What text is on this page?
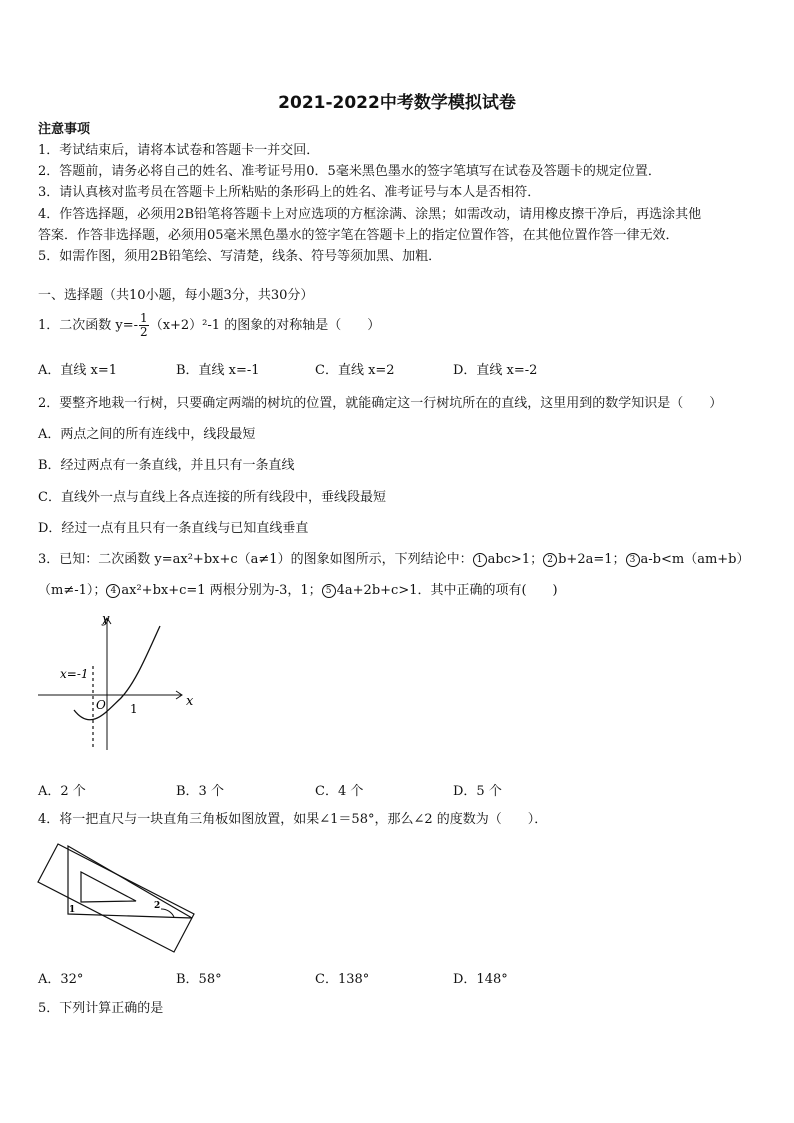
2021-2022中考数学模拟试卷
注意事项
1．考试结束后，请将本试卷和答题卡一并交回．
2．答题前，请务必将自己的姓名、准考证号用0．5毫米黑色墨水的签字笔填写在试卷及答题卡的规定位置．
3．请认真核对监考员在答题卡上所粘贴的条形码上的姓名、准考证号与本人是否相符．
4．作答选择题，必须用2B铅笔将答题卡上对应选项的方框涂满、涂黑；如需改动，请用橡皮擦干净后，再选涂其他
答案．作答非选择题，必须用05毫米黑色墨水的签字笔在答题卡上的指定位置作答，在其他位置作答一律无效．
5．如需作图，须用2B铅笔绘、写清楚，线条、符号等须加黑、加粗．
一、选择题（共10小题，每小题3分，共30分）
1．二次函数 $y=- \frac{1}{2} (x+2)^2-1$ 的图象的对称轴是（　　）
A．直线 x=1	B．直线 x=-1	C．直线 x=2	D．直线 x=-2
2．要整齐地栽一行树，只要确定两端的树坑的位置，就能确定这一行树坑所在的直线，这里用到的数学知识是（　　）
A．两点之间的所有连线中，线段最短
B．经过两点有一条直线，并且只有一条直线
C．直线外一点与直线上各点连接的所有线段中，垂线段最短
D．经过一点有且只有一条直线与已知直线垂直
3．已知：二次函数 y=ax²+bx+c（a≠1）的图象如图所示，下列结论中： 1 abc>1； 2 b+2a=1； 3 a-b<m（am+b）
（m≠-1）； 4 ax²+bx+c=1 两根分别为-3，1； 5 4a+2b+c>1．其中正确的项有(　　)
y
x
O 1
x=-1
A．2 个	B．3 个	C．4 个	D．5 个
4．将一把直尺与一块直角三角板如图放置，如果∠1＝58°，那么∠2 的度数为（　　）．
1	2
A．32°	B．58°	C．138°	D．148°
5．下列计算正确的是
